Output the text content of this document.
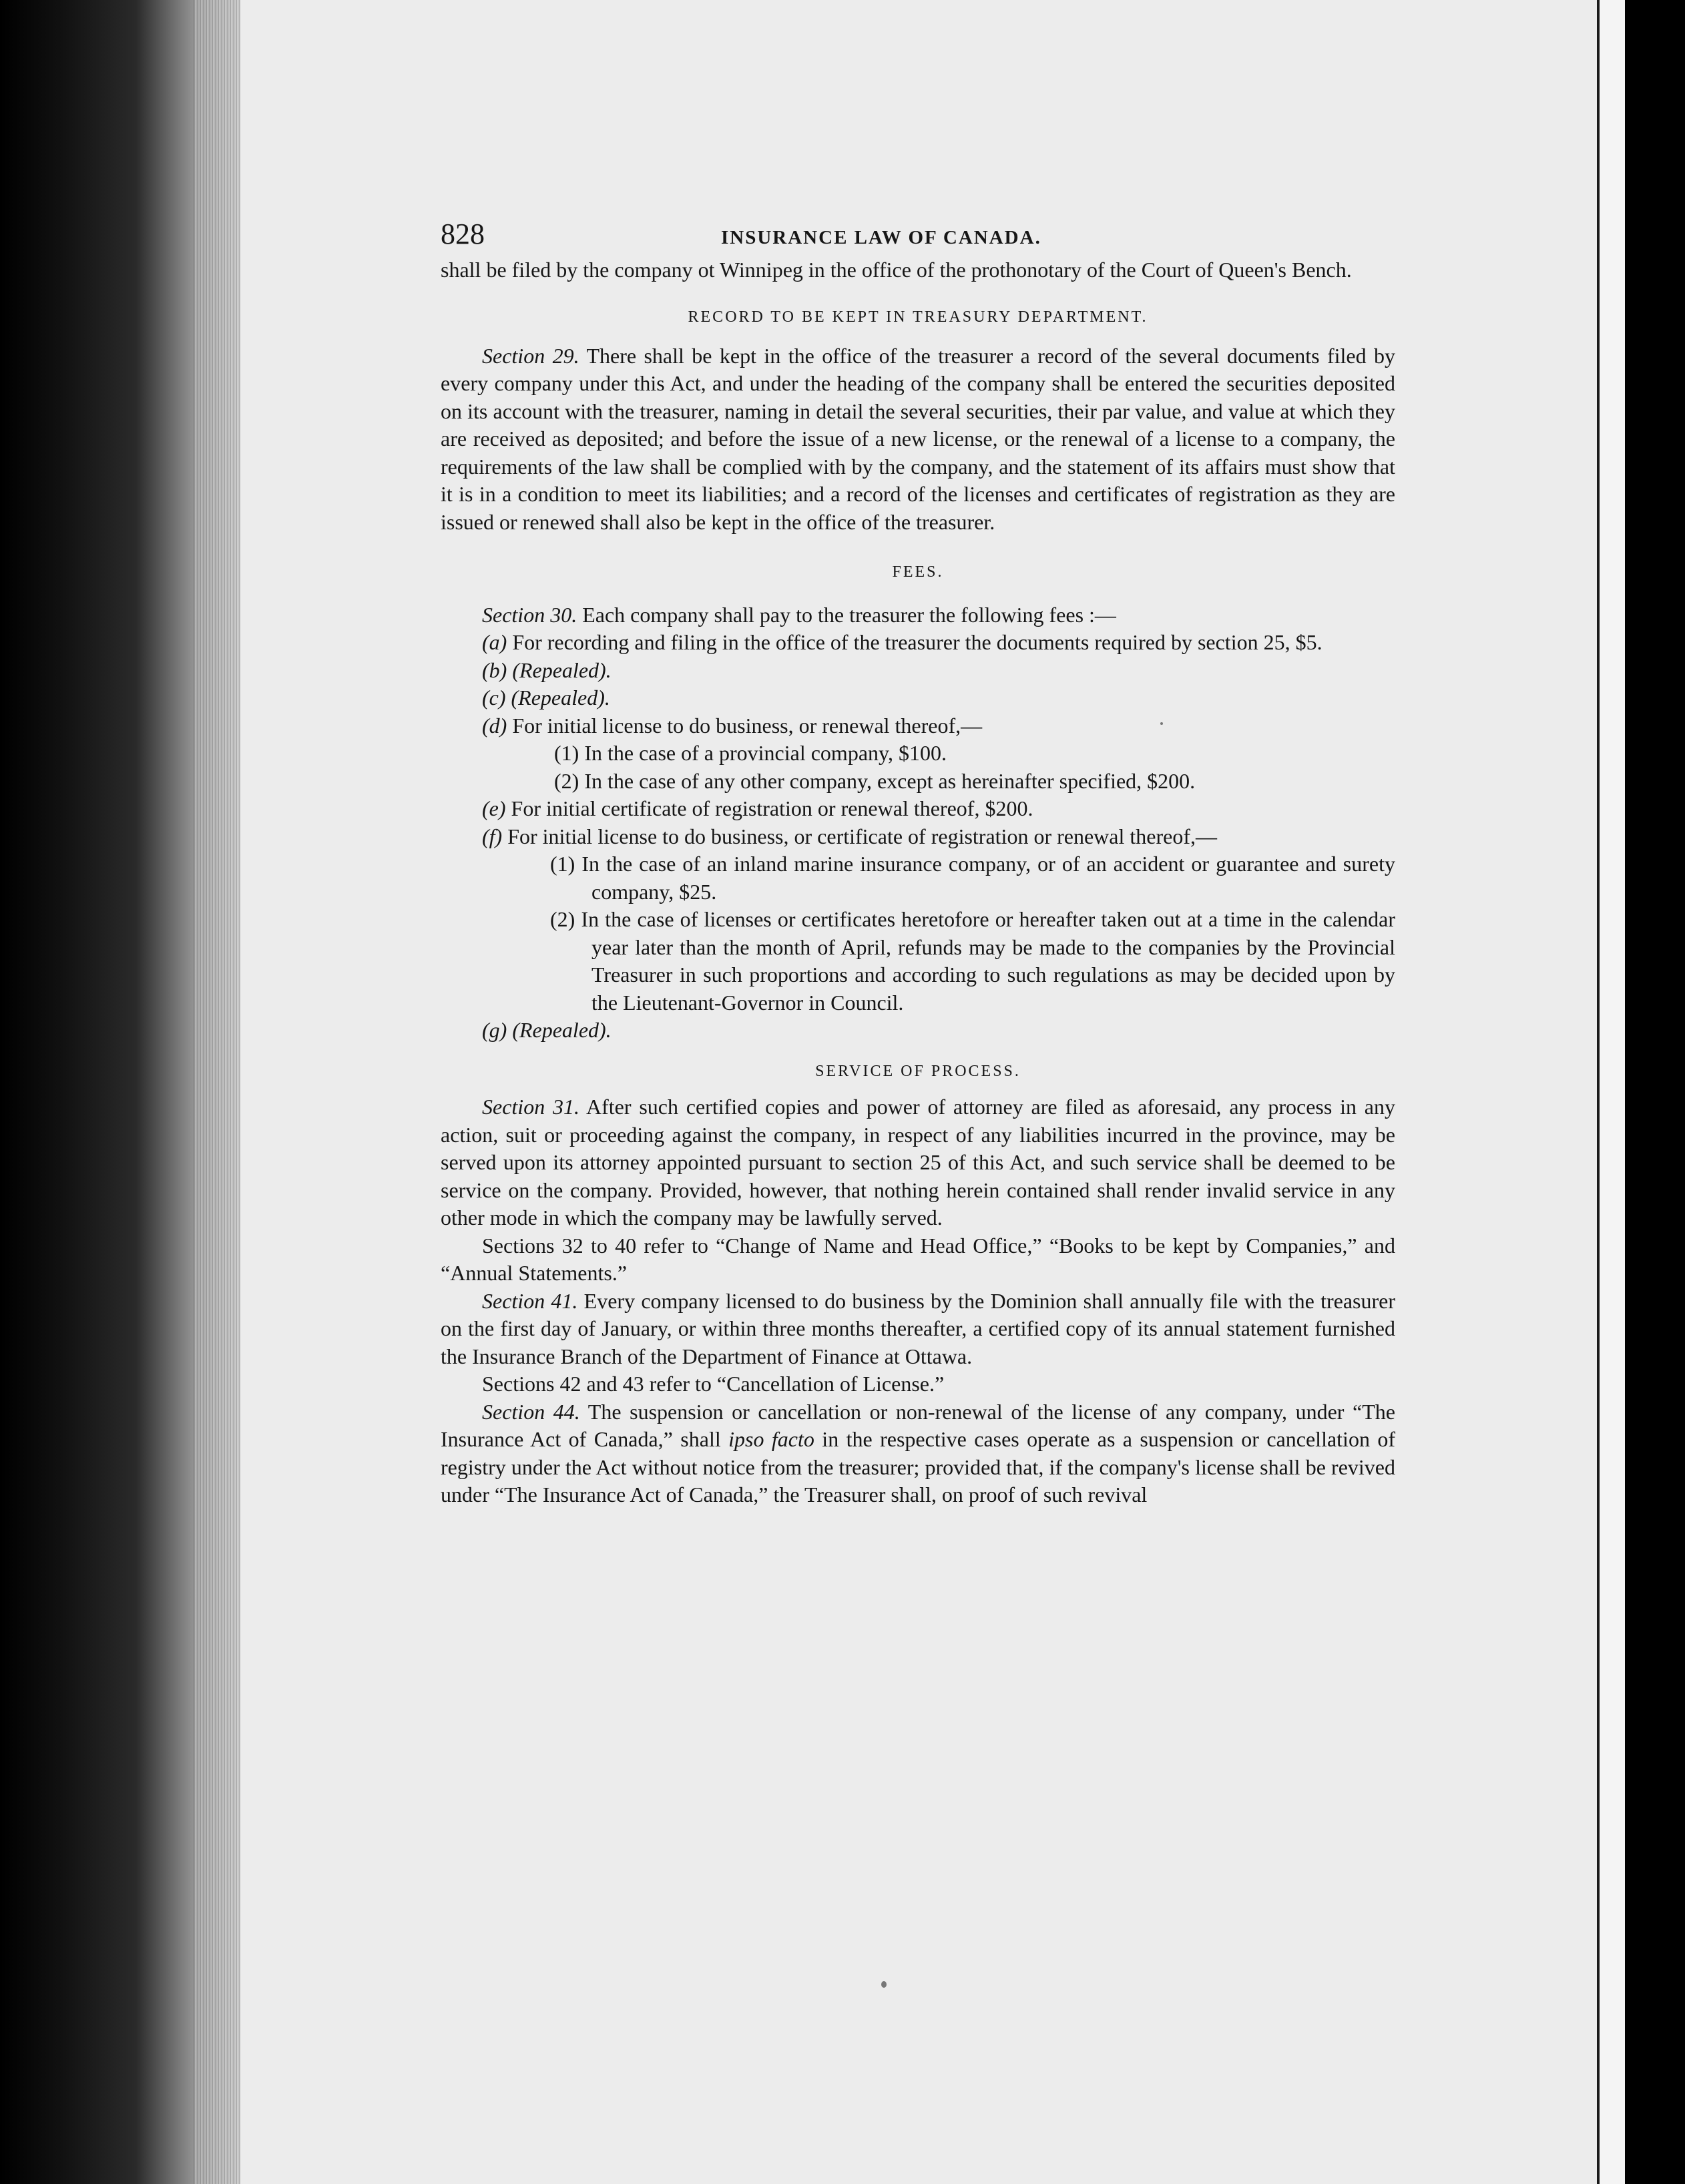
828	INSURANCE LAW OF CANADA.

shall be filed by the company ot Winnipeg in the office of the prothonotary of the Court of Queen's Bench.

RECORD TO BE KEPT IN TREASURY DEPARTMENT.

Section 29. There shall be kept in the office of the treasurer a record of the several documents filed by every company under this Act, and under the heading of the company shall be entered the securities deposited on its account with the treasurer, naming in detail the several securities, their par value, and value at which they are received as deposited; and before the issue of a new license, or the renewal of a license to a company, the requirements of the law shall be complied with by the company, and the statement of its affairs must show that it is in a condition to meet its liabilities; and a record of the licenses and certificates of registration as they are issued or renewed shall also be kept in the office of the treasurer.

FEES.

Section 30. Each company shall pay to the treasurer the following fees :—

(a) For recording and filing in the office of the treasurer the documents required by section 25, $5.

(b) (Repealed).

(c) (Repealed).

(d) For initial license to do business, or renewal thereof,—

(1) In the case of a provincial company, $100.

(2) In the case of any other company, except as hereinafter specified, $200.

(e) For initial certificate of registration or renewal thereof, $200.

(f) For initial license to do business, or certificate of registration or renewal thereof,—

(1) In the case of an inland marine insurance company, or of an accident or guarantee and surety company, $25.

(2) In the case of licenses or certificates heretofore or hereafter taken out at a time in the calendar year later than the month of April, refunds may be made to the companies by the Provincial Treasurer in such proportions and according to such regulations as may be decided upon by the Lieutenant-Governor in Council.

(g) (Repealed).

SERVICE OF PROCESS.

Section 31. After such certified copies and power of attorney are filed as aforesaid, any process in any action, suit or proceeding against the company, in respect of any liabilities incurred in the province, may be served upon its attorney appointed pursuant to section 25 of this Act, and such service shall be deemed to be service on the company. Provided, however, that nothing herein contained shall render invalid service in any other mode in which the company may be lawfully served.

Sections 32 to 40 refer to “Change of Name and Head Office,” “Books to be kept by Companies,” and “Annual Statements.”

Section 41. Every company licensed to do business by the Dominion shall annually file with the treasurer on the first day of January, or within three months thereafter, a certified copy of its annual statement furnished the Insurance Branch of the Department of Finance at Ottawa.

Sections 42 and 43 refer to “Cancellation of License.”

Section 44. The suspension or cancellation or non-renewal of the license of any company, under “The Insurance Act of Canada,” shall ipso facto in the respective cases operate as a suspension or cancellation of registry under the Act without notice from the treasurer; provided that, if the company's license shall be revived under “The Insurance Act of Canada,” the Treasurer shall, on proof of such revival
